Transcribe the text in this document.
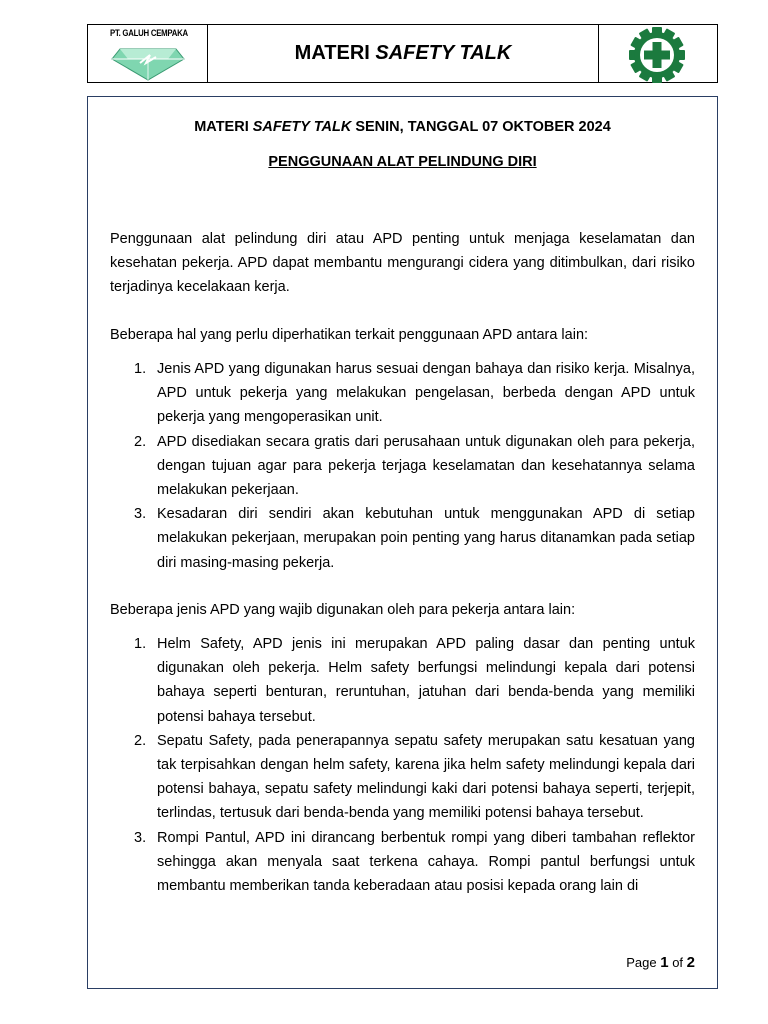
PT. GALUH CEMPAKA
MATERI SAFETY TALK
MATERI SAFETY TALK SENIN, TANGGAL 07 OKTOBER 2024
PENGGUNAAN ALAT PELINDUNG DIRI

Penggunaan alat pelindung diri atau APD penting untuk menjaga keselamatan dan kesehatan pekerja. APD dapat membantu mengurangi cidera yang ditimbulkan, dari risiko terjadinya kecelakaan kerja.

Beberapa hal yang perlu diperhatikan terkait penggunaan APD antara lain:

1. Jenis APD yang digunakan harus sesuai dengan bahaya dan risiko kerja. Misalnya, APD untuk pekerja yang melakukan pengelasan, berbeda dengan APD untuk pekerja yang mengoperasikan unit.
2. APD disediakan secara gratis dari perusahaan untuk digunakan oleh para pekerja, dengan tujuan agar para pekerja terjaga keselamatan dan kesehatannya selama melakukan pekerjaan.
3. Kesadaran diri sendiri akan kebutuhan untuk menggunakan APD di setiap melakukan pekerjaan, merupakan poin penting yang harus ditanamkan pada setiap diri masing-masing pekerja.

Beberapa jenis APD yang wajib digunakan oleh para pekerja antara lain:

1. Helm Safety, APD jenis ini merupakan APD paling dasar dan penting untuk digunakan oleh pekerja. Helm safety berfungsi melindungi kepala dari potensi bahaya seperti benturan, reruntuhan, jatuhan dari benda-benda yang memiliki potensi bahaya tersebut.
2. Sepatu Safety, pada penerapannya sepatu safety merupakan satu kesatuan yang tak terpisahkan dengan helm safety, karena jika helm safety melindungi kepala dari potensi bahaya, sepatu safety melindungi kaki dari potensi bahaya seperti, terjepit, terlindas, tertusuk dari benda-benda yang memiliki potensi bahaya tersebut.
3. Rompi Pantul, APD ini dirancang berbentuk rompi yang diberi tambahan reflektor sehingga akan menyala saat terkena cahaya. Rompi pantul berfungsi untuk membantu memberikan tanda keberadaan atau posisi kepada orang lain di
Page 1 of 2
